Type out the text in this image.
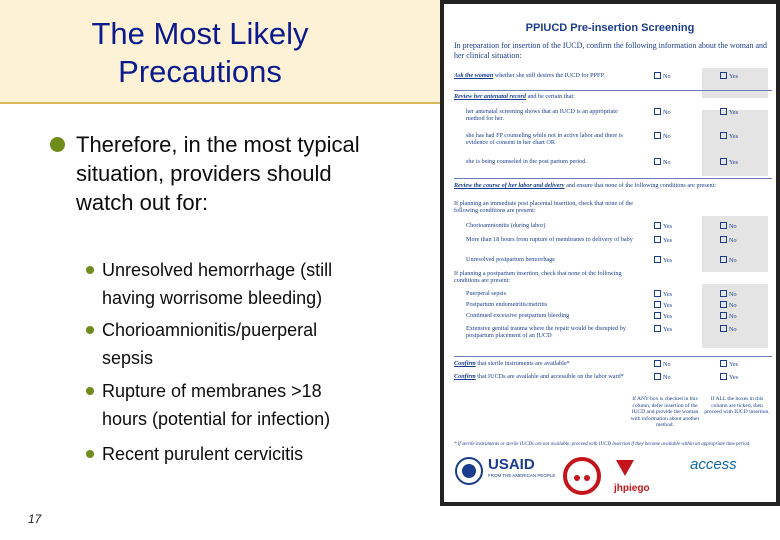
The Most Likely
Precautions
Therefore, in the most typical situation, providers should watch out for:
Unresolved hemorrhage (still
having worrisome bleeding)
Chorioamnionitis/puerperal
sepsis
Rupture of membranes >18
hours (potential for infection)
Recent purulent cervicitis
17
PPIUCD Pre-insertion Screening
In preparation for insertion of the IUCD, confirm the following information about the woman and her clinical situation:
Ask the woman whether she still desires the IUCD for PPFP.	No	Yes
Review her antenatal record and be certain that:
her antenatal screening shows that an IUCD is an appropriate method for her.
No	Yes
she has had FP counseling while not in active labor and there is evidence of consent in her chart OR
No	Yes
she is being counseled in the post partum period.	No	Yes
Review the course of her labor and delivery and ensure that none of the following conditions are present:
If planning an immediate post placental insertion, check that none of the following conditions are present:
Chorioamnionitis (during labor)	Yes	No
More than 18 hours from rupture of membranes to delivery of baby	Yes	No
Unresolved postpartum hemorrhage	Yes	No
If planning a postpartum insertion, check that none of the following conditions are present:
Puerperal sepsis	Yes	No
Postpartum endometritis/metritis	Yes	No
Continued excessive postpartum bleeding	Yes	No
Extensive genital trauma where the repair would be disrupted by postpartum placement of an IUCD
Yes	No
Confirm that sterile instruments are available*	No	Yes
Confirm that IUCDs are available and accessible on the labor ward*	No	Yes
If ANY box is checked in this column, defer insertion of the IUCD and provide the woman with information about another method.
If ALL the boxes in this column are ticked, then proceed with IUCD insertion.
* If sterile instruments or sterile IUCDs are not available, proceed with IUCD insertion if they become available within an appropriate time period.
USAID
FROM THE AMERICAN PEOPLE
jhpiego
access
